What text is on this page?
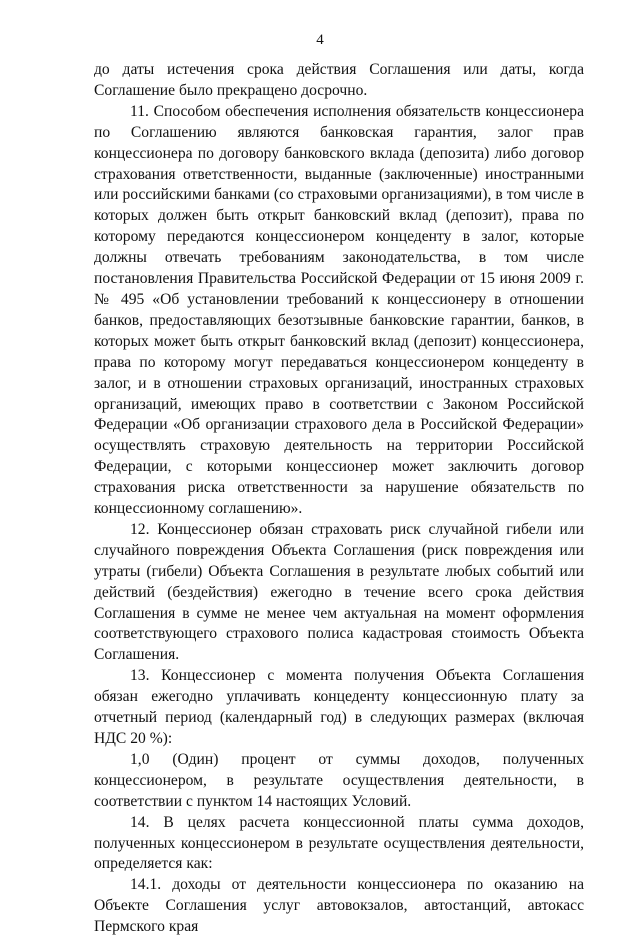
4

до даты истечения срока действия Соглашения или даты, когда Соглашение было прекращено досрочно.

11. Способом обеспечения исполнения обязательств концессионера по Соглашению являются банковская гарантия, залог прав концессионера по договору банковского вклада (депозита) либо договор страхования ответственности, выданные (заключенные) иностранными или российскими банками (со страховыми организациями), в том числе в которых должен быть открыт банковский вклад (депозит), права по которому передаются концессионером концеденту в залог, которые должны отвечать требованиям законодательства, в том числе постановления Правительства Российской Федерации от 15 июня 2009 г. № 495 «Об установлении требований к концессионеру в отношении банков, предоставляющих безотзывные банковские гарантии, банков, в которых может быть открыт банковский вклад (депозит) концессионера, права по которому могут передаваться концессионером концеденту в залог, и в отношении страховых организаций, иностранных страховых организаций, имеющих право в соответствии с Законом Российской Федерации «Об организации страхового дела в Российской Федерации» осуществлять страховую деятельность на территории Российской Федерации, с которыми концессионер может заключить договор страхования риска ответственности за нарушение обязательств по концессионному соглашению».

12. Концессионер обязан страховать риск случайной гибели или случайного повреждения Объекта Соглашения (риск повреждения или утраты (гибели) Объекта Соглашения в результате любых событий или действий (бездействия) ежегодно в течение всего срока действия Соглашения в сумме не менее чем актуальная на момент оформления соответствующего страхового полиса кадастровая стоимость Объекта Соглашения.

13. Концессионер с момента получения Объекта Соглашения обязан ежегодно уплачивать концеденту концессионную плату за отчетный период (календарный год) в следующих размерах (включая НДС 20 %):

1,0 (Один) процент от суммы доходов, полученных концессионером, в результате осуществления деятельности, в соответствии с пунктом 14 настоящих Условий.

14. В целях расчета концессионной платы сумма доходов, полученных концессионером в результате осуществления деятельности, определяется как:

14.1. доходы от деятельности концессионера по оказанию на Объекте Соглашения услуг автовокзалов, автостанций, автокасс Пермского края
